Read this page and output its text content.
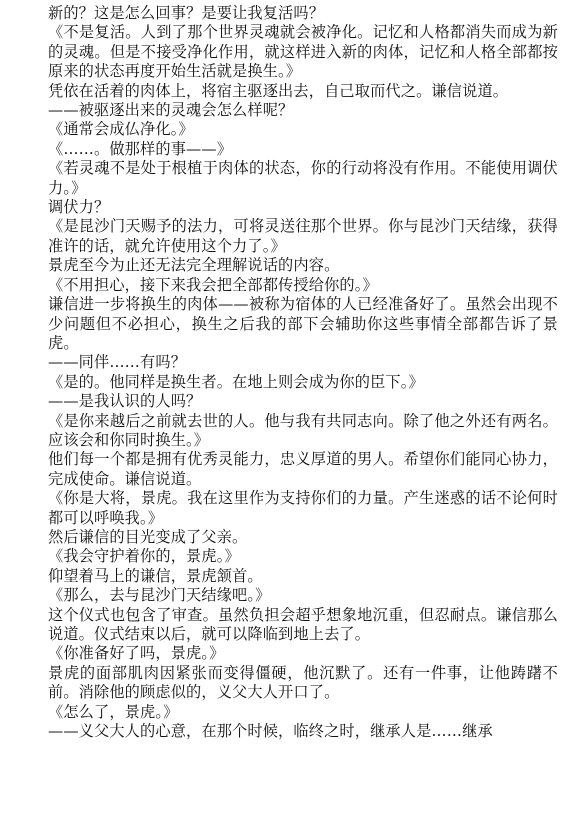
新的？这是怎么回事？是要让我复活吗？

《不是复活。人到了那个世界灵魂就会被净化。记忆和人格都消失而成为新的灵魂。但是不接受净化作用，就这样进入新的肉体，记忆和人格全部都按原来的状态再度开始生活就是换生。》

凭依在活着的肉体上，将宿主驱逐出去，自己取而代之。谦信说道。

——被驱逐出来的灵魂会怎么样呢？

《通常会成仏净化。》

《……。做那样的事——》

《若灵魂不是处于根植于肉体的状态，你的行动将没有作用。不能使用调伏力。》

调伏力？

《是昆沙门天赐予的法力，可将灵送往那个世界。你与昆沙门天结缘，获得准许的话，就允许使用这个力了。》

景虎至今为止还无法完全理解说话的内容。

《不用担心，接下来我会把全部都传授给你的。》

谦信进一步将换生的肉体——被称为宿体的人已经准备好了。虽然会出现不少问题但不必担心，换生之后我的部下会辅助你这些事情全部都告诉了景虎。

——同伴……有吗？

《是的。他同样是换生者。在地上则会成为你的臣下。》

——是我认识的人吗？

《是你来越后之前就去世的人。他与我有共同志向。除了他之外还有两名。应该会和你同时换生。》

他们每一个都是拥有优秀灵能力，忠义厚道的男人。希望你们能同心协力，完成使命。谦信说道。

《你是大将，景虎。我在这里作为支持你们的力量。产生迷惑的话不论何时都可以呼唤我。》

然后谦信的目光变成了父亲。

《我会守护着你的，景虎。》

仰望着马上的谦信，景虎颔首。

《那么，去与昆沙门天结缘吧。》

这个仪式也包含了审查。虽然负担会超乎想象地沉重，但忍耐点。谦信那么说道。仪式结束以后，就可以降临到地上去了。

《你准备好了吗，景虎。》

景虎的面部肌肉因紧张而变得僵硬，他沉默了。还有一件事，让他踌躇不前。消除他的顾虑似的，义父大人开口了。

《怎么了，景虎。》

——义父大人的心意，在那个时候，临终之时，继承人是……继承
